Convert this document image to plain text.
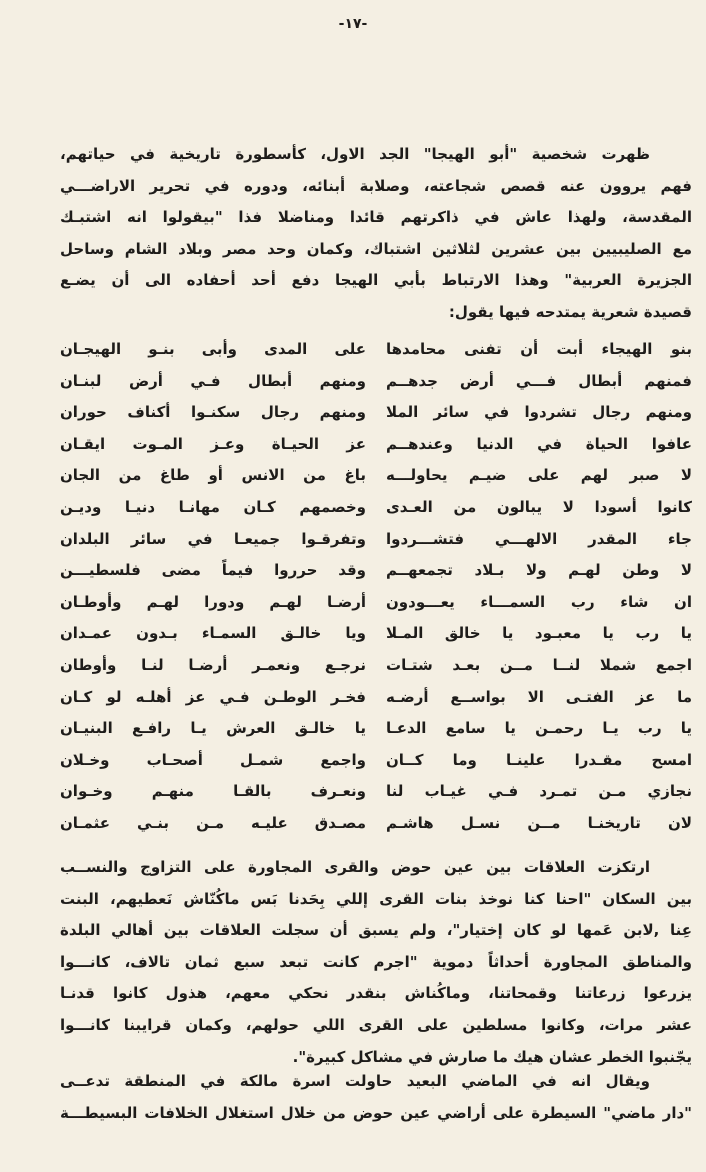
-١٧-
ظهرت شخصية "أبو الهيجا" الجد الاول، كأسطورة تاريخية في حياتهم،
فهم يروون عنه قصص شجاعته، وصلابة أبنائه، ودوره في تحرير الاراضـــي
المقدسة، ولهذا عاش في ذاكرتهم قائدا ومناضلا فذا "بيقولوا انه اشتبـك
مع الصليبيين بين عشرين لثلاثين اشتباك، وكمان وحد مصر وبلاد الشام وساحل
الجزيرة العربية" وهذا الارتباط بأبي الهيجا دفع أحد أحفاده الى أن يضـع
قصيدة شعرية يمتدحه فيها يقول:
بنو الهيجاء أبت أن تفنى محامدها
على المدى وأبى بنـو الهيجـان
فمنهم أبطال فـــي أرض جدهــم
ومنهم أبطال فـي أرض لبنـان
ومنهم رجال تشردوا في سائر الملا
ومنهم رجال سكنـوا أكناف حوران
عافوا الحياة في الدنيا وعندهــم
عز الحيـاة وعـز المـوت ايقـان
لا صبر لهم على ضيـم يحاولـــه
باغ من الانس أو طاغ من الجان
كانوا أسودا لا يبالون من العـدى
وخصمهم كـان مهانـا دنيـا وديـن
جاء المقدر الالهـــي فتشـــردوا
وتفرقـوا جميعـا في سائر البلدان
لا وطن لهـم ولا بـلاد تجمعهــم
وقد حرروا فيماً مضى فلسطيـــن
ان شاء رب السمـــاء يعـــودون
أرضـا لهـم ودورا لهـم وأوطـان
يا رب يا معبـود يا خالق المـلا
ويا خالـق السمـاء بـدون عمـدان
اجمع شملا لنــا مــن بعـد شتـات
نرجـع ونعمـر أرضـا لنـا وأوطان
ما عز الفتـى الا بواســع أرضـه
فخـر الوطـن فـي عز أهلـه لو كـان
يا رب يـا رحمـن يا سامع الدعـا
يا خالـق العرش يـا رافـع البنيـان
امسح مقـدرا علينـا وما كــان
واجمع شمـل أصحـاب وخـلان
نجازي مـن تمـرد فـي غيـاب لنا
ونعـرف بالقـا منهـم وخـوان
لان تاريخنـا مــن نسـل هاشـم
مصـدق عليـه مـن بنـي عثمـان
ارتكزت العلاقات بين عين حوض والقرى المجاورة على التزاوج والنســب
بين السكان "احنا كنا نوخذ بنات القرى إللي بِحَدنا بَس ماكُنّاش نَعطيهم، البنت
عِنا ,لابن عَمها لو كان إختيار"، ولم يسبق أن سجلت العلاقات بين أهالي البلدة
والمناطق المجاورة أحداثاً دموية "اجرم كانت تبعد سبع ثمان تالاف، كانـــوا
يزرعوا زرعاتنا وقمحاتنا، وماكُناش بنقدر نحكي معهم، هذول كانوا قدنـا
عشر مرات، وكانوا مسلطين على القرى اللي حولهم، وكمان قرايبنا كانـــوا
يجّنبوا الخطر عشان هيك ما صارش في مشاكل كبيرة".
ويقال انه في الماضي البعيد حاولت اسرة مالكة في المنطقة تدعــى
"دار ماضي" السيطرة على أراضي عين حوض من خلال استغلال الخلافات البسيطـــة
